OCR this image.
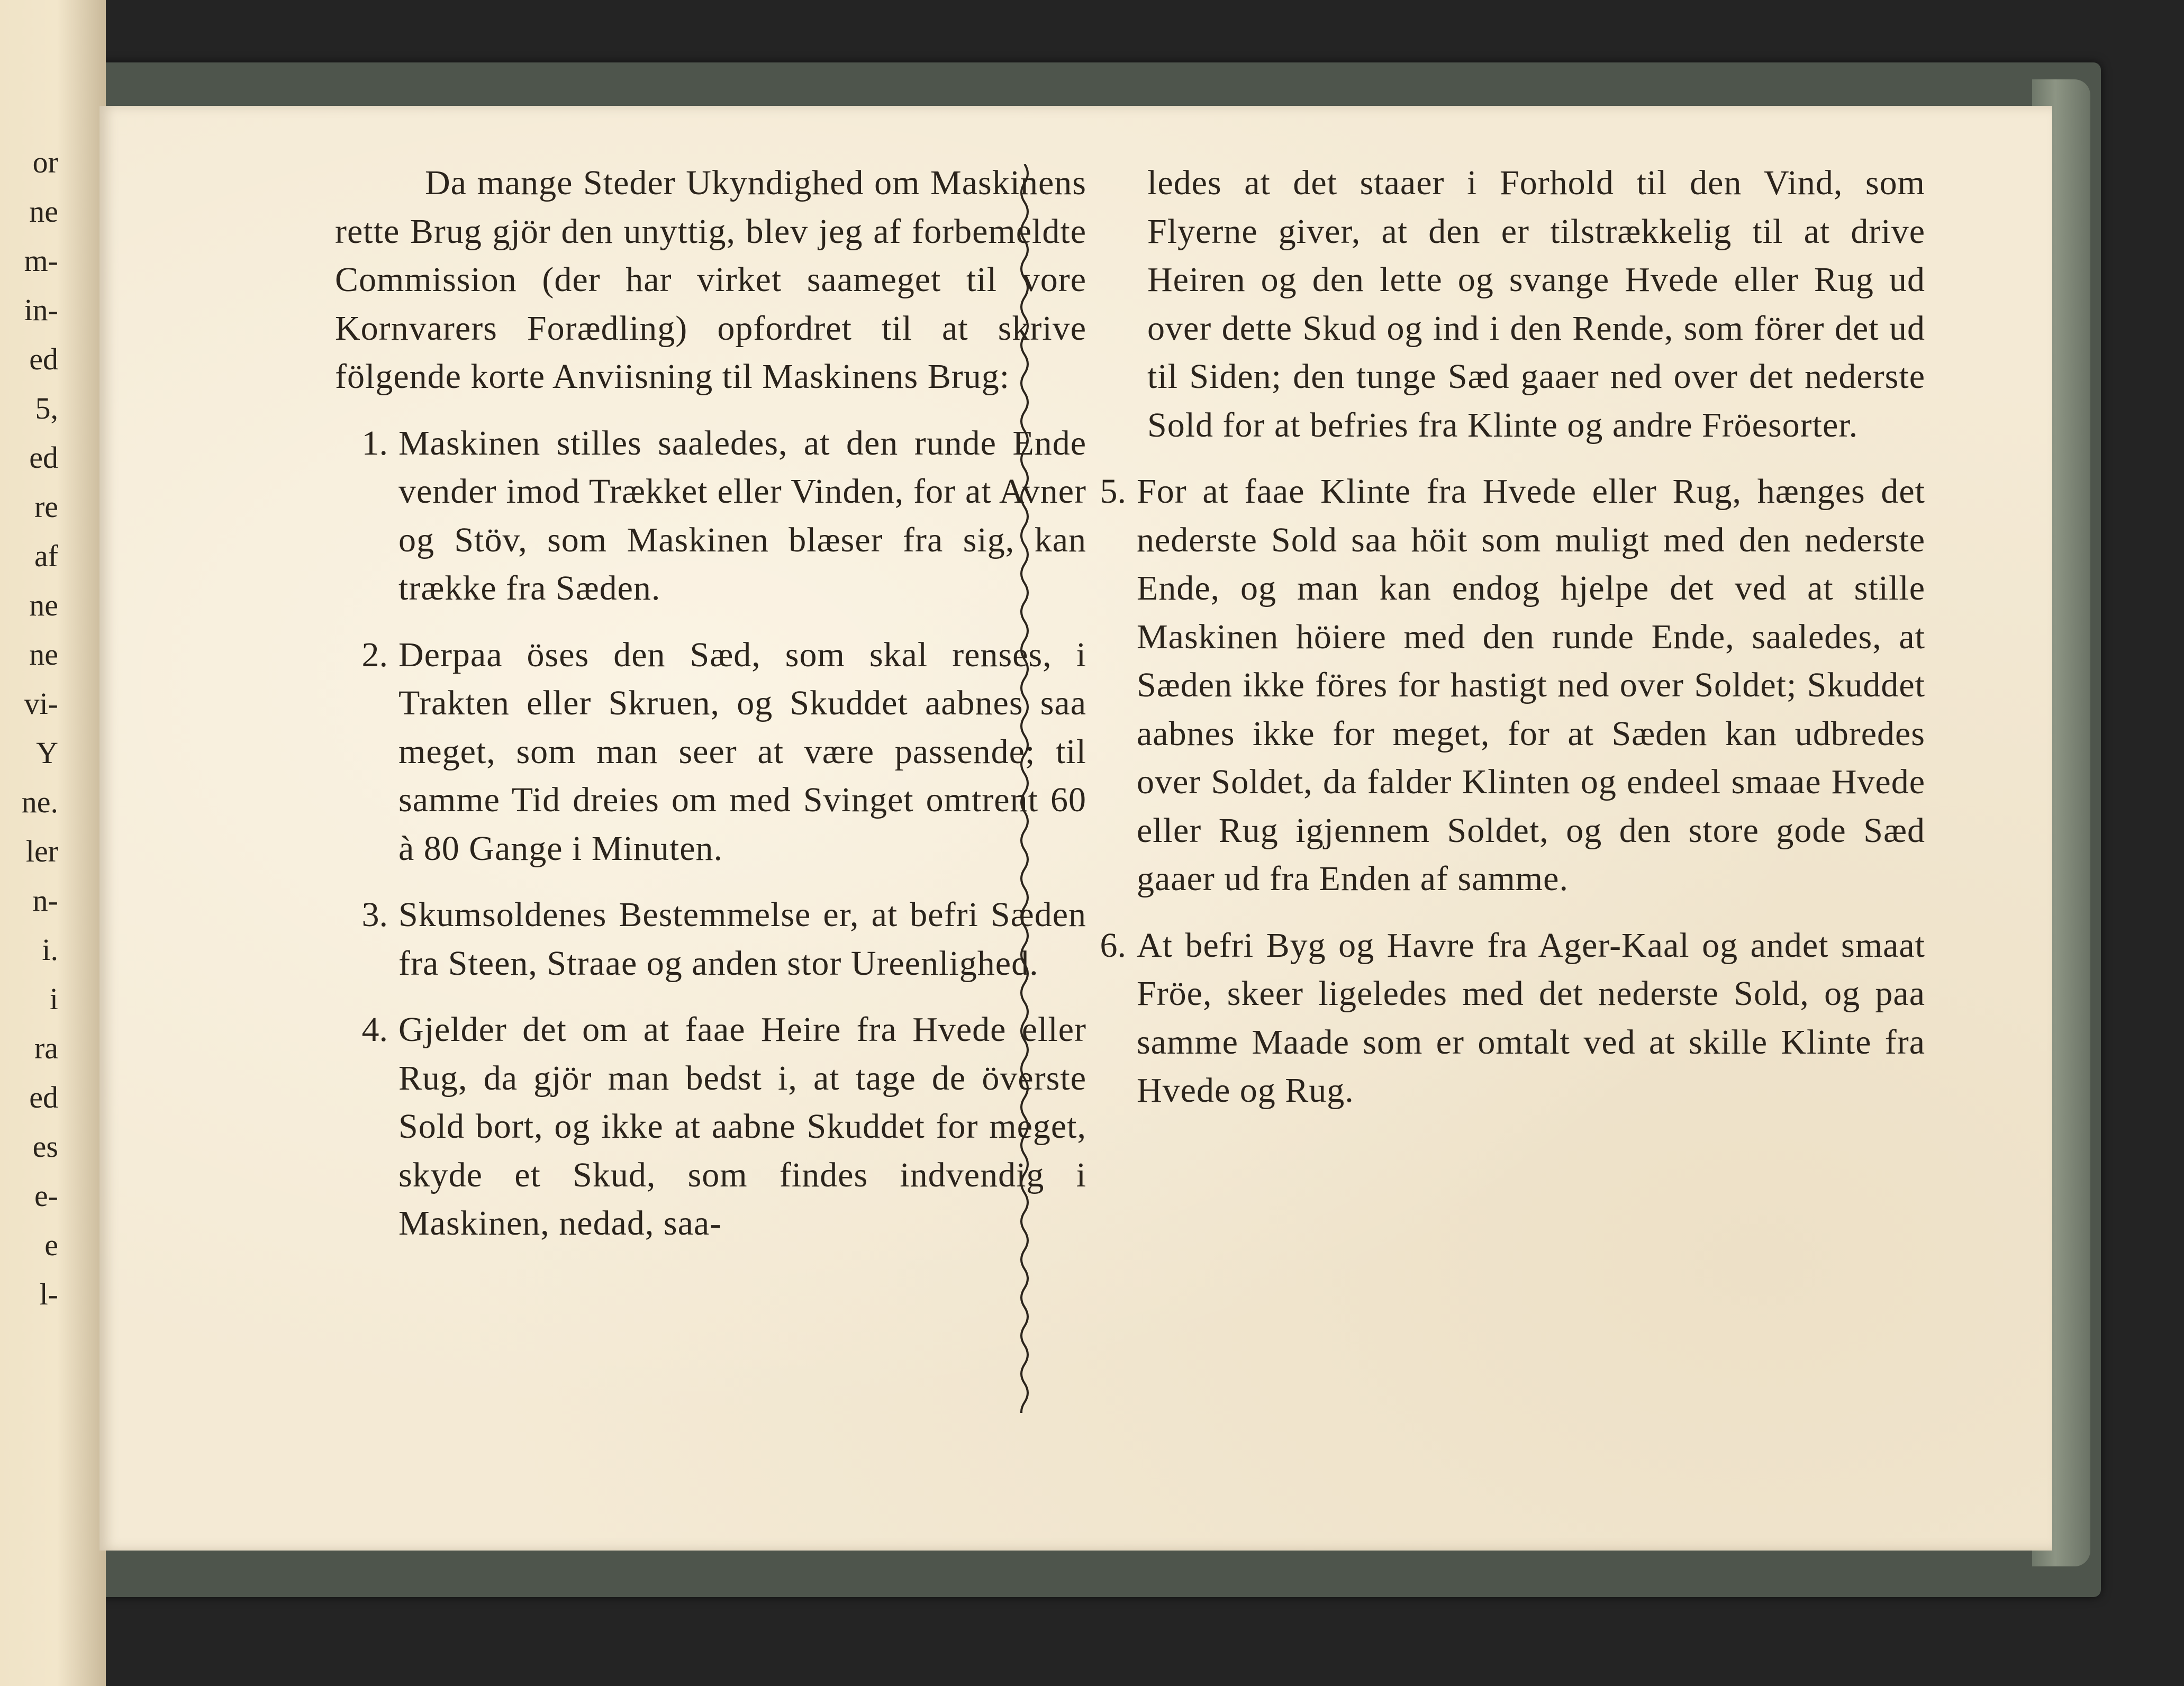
or
ne
m-
in-
ed
5,
ed
re
af
ne
ne
vi-
Y
ne.
ler
n-
i.
i
ra
ed
es
e-
e
l-

Da mange Steder Ukyndighed om Maskinens rette Brug gjör den unyttig, blev jeg af forbemeldte Commission (der har virket saameget til vore Kornvarers Forædling) opfordret til at skrive fölgende korte Anviisning til Maskinens Brug:

1. Maskinen stilles saaledes, at den runde Ende vender imod Trækket eller Vinden, for at Avner og Stöv, som Maskinen blæser fra sig, kan trække fra Sæden.
2. Derpaa öses den Sæd, som skal renses, i Trakten eller Skruen, og Skuddet aabnes saa meget, som man seer at være passende; til samme Tid dreies om med Svinget omtrent 60 à 80 Gange i Minuten.
3. Skumsoldenes Bestemmelse er, at befri Sæden fra Steen, Straae og anden stor Ureenlighed.
4. Gjelder det om at faae Heire fra Hvede eller Rug, da gjör man bedst i, at tage de överste Sold bort, og ikke at aabne Skuddet for meget, skyde et Skud, som findes indvendig i Maskinen, nedad, saa-

ledes at det staaer i Forhold til den Vind, som Flyerne giver, at den er tilstrækkelig til at drive Heiren og den lette og svange Hvede eller Rug ud over dette Skud og ind i den Rende, som förer det ud til Siden; den tunge Sæd gaaer ned over det nederste Sold for at befries fra Klinte og andre Fröesorter.

5. For at faae Klinte fra Hvede eller Rug, hænges det nederste Sold saa höit som muligt med den nederste Ende, og man kan endog hjelpe det ved at stille Maskinen höiere med den runde Ende, saaledes, at Sæden ikke föres for hastigt ned over Soldet; Skuddet aabnes ikke for meget, for at Sæden kan udbredes over Soldet, da falder Klinten og endeel smaae Hvede eller Rug igjennem Soldet, og den store gode Sæd gaaer ud fra Enden af samme.
6. At befri Byg og Havre fra Ager-Kaal og andet smaat Fröe, skeer ligeledes med det nederste Sold, og paa samme Maade som er omtalt ved at skille Klinte fra Hvede og Rug.
